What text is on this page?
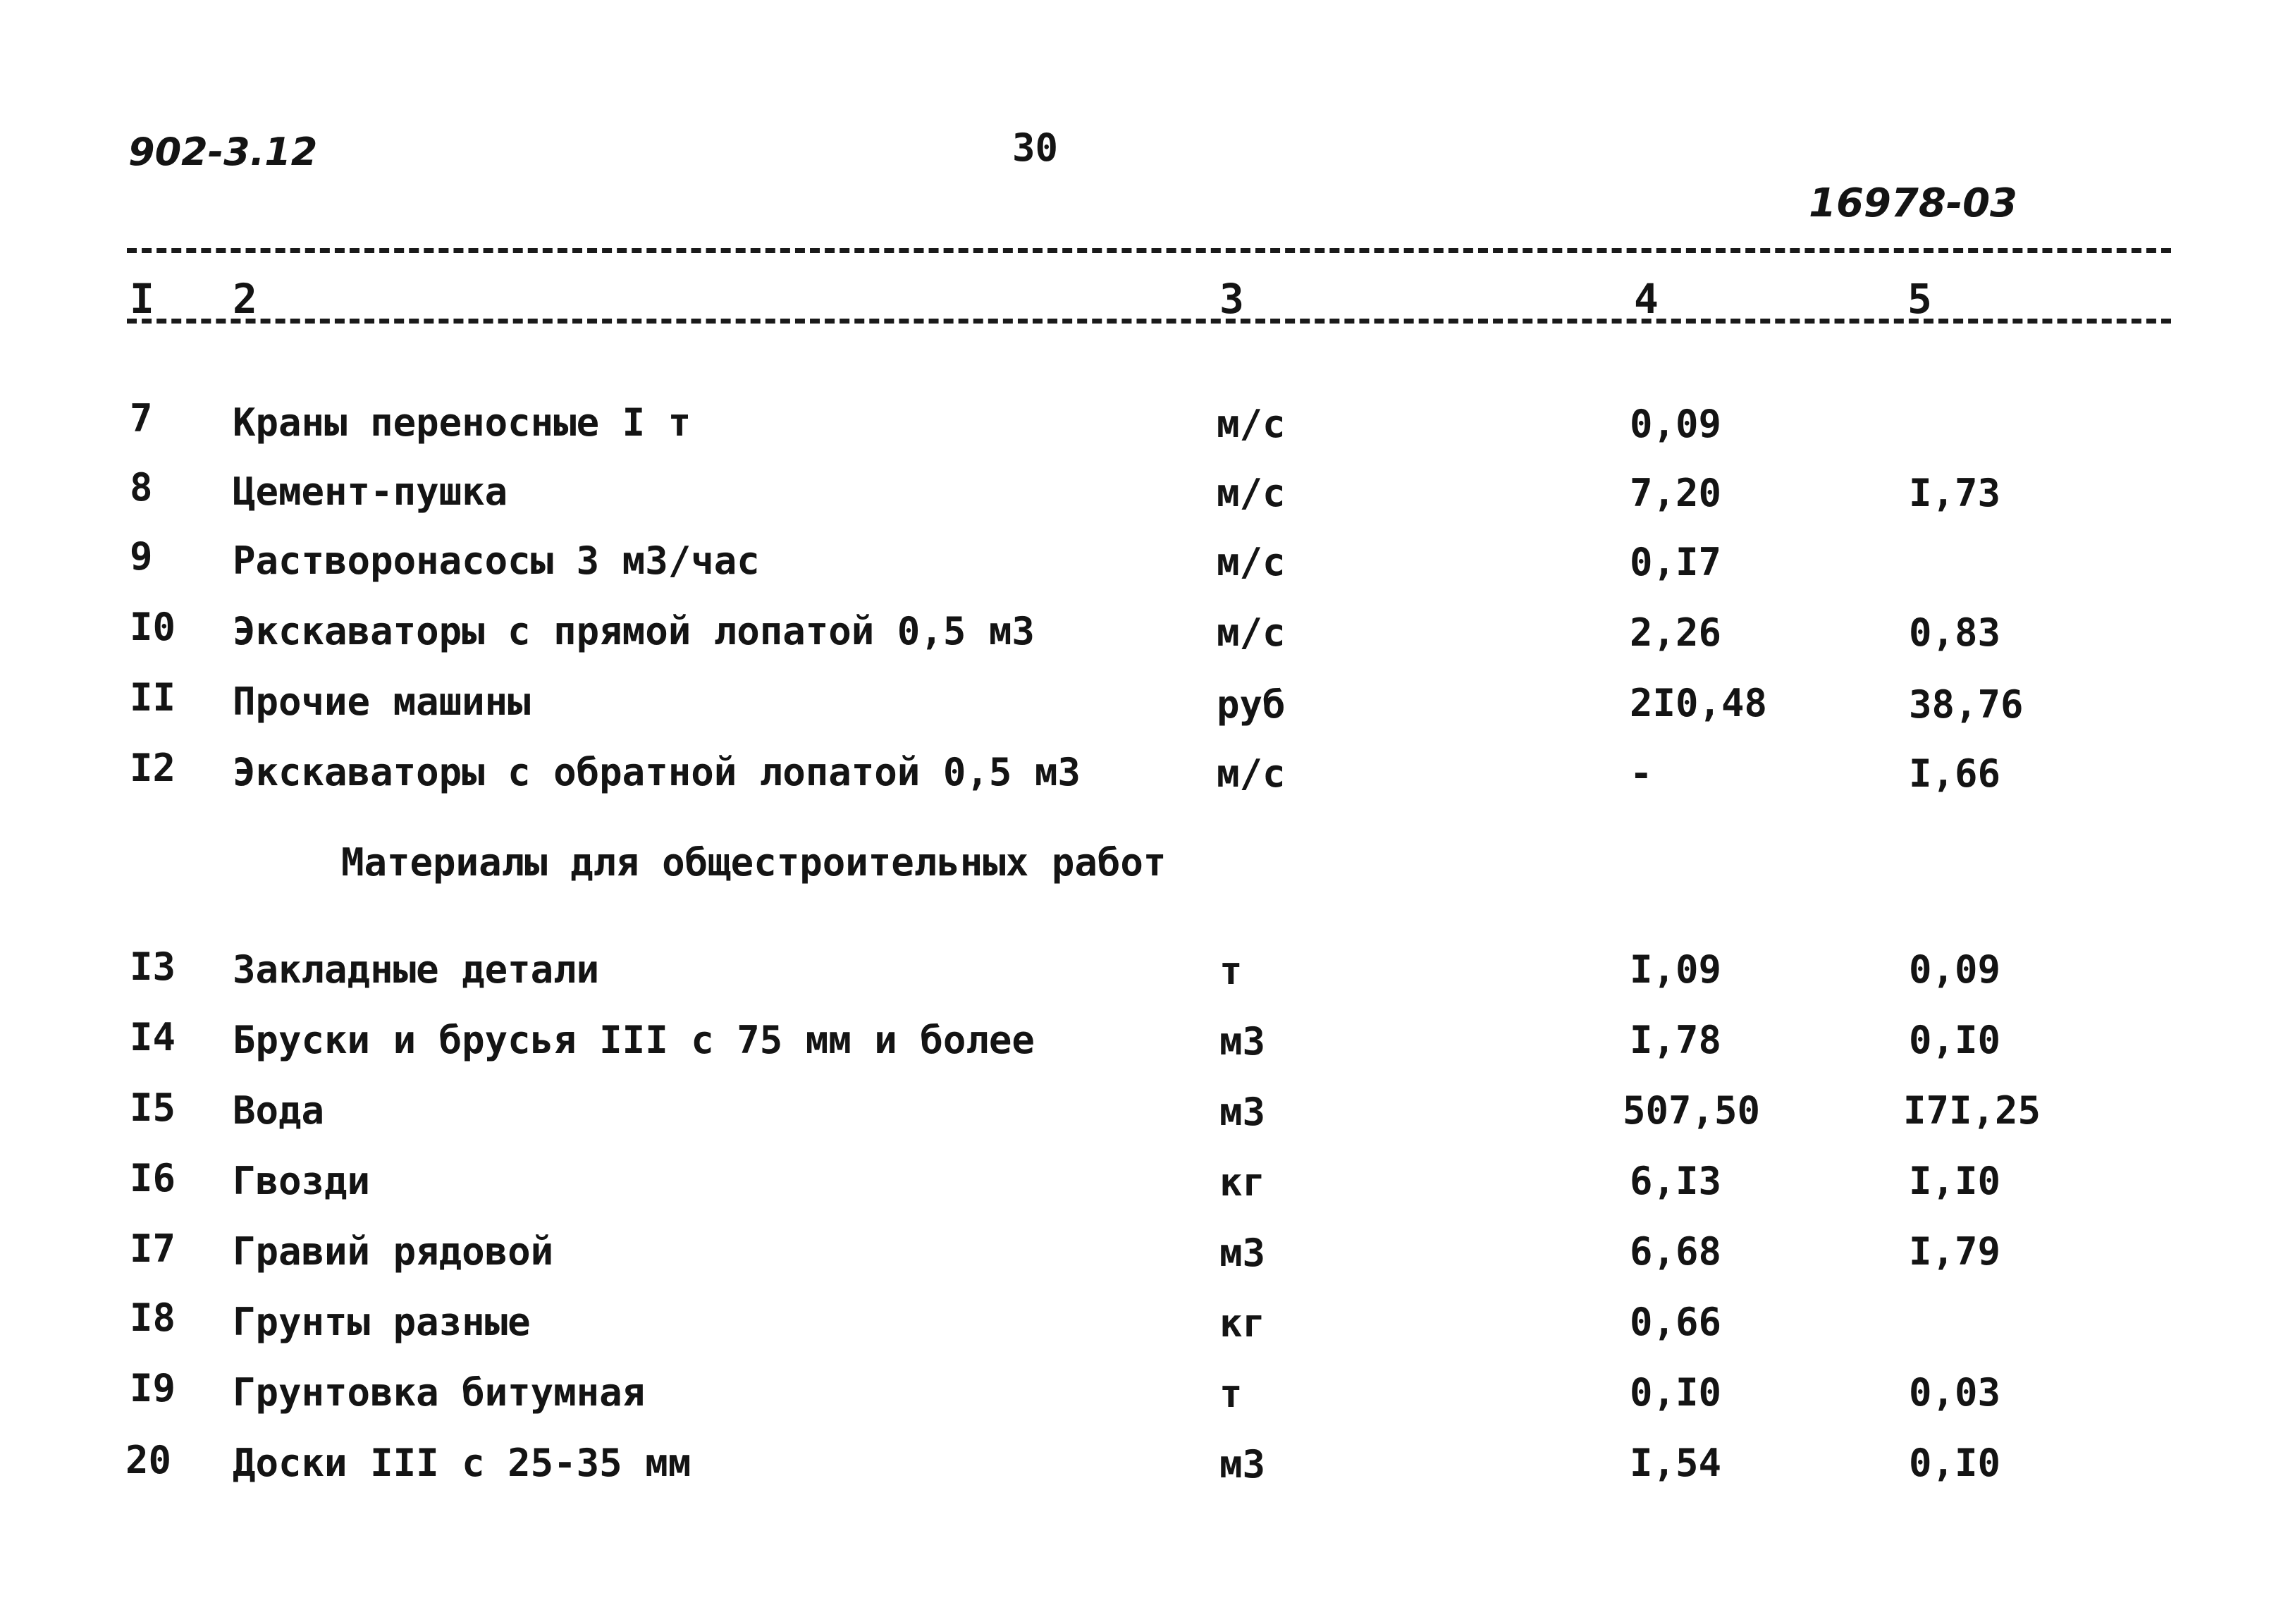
902-3.12	30
16978-03
I 2	3	4	5
7 Краны переносные I т	м/с	0,09
8 Цемент-пушка	м/с	7,20	I,73
9 Растворонасосы 3 м3/час	м/с	0,I7
I0 Экскаваторы с прямой лопатой 0,5 м3	м/с	2,26	0,83
II Прочие машины	руб	2I0,48	38,76
I2 Экскаваторы с обратной лопатой 0,5 м3	м/с	-	I,66
Материалы для общестроительных работ
I3 Закладные детали	т	I,09	0,09
I4 Бруски и брусья III с 75 мм и более	м3	I,78	0,I0
I5 Вода	м3	507,50	I7I,25
I6 Гвозди	кг	6,I3	I,I0
I7 Гравий рядовой	м3	6,68	I,79
I8 Грунты разные	кг	0,66
I9 Грунтовка битумная	т	0,I0	0,03
20 Доски III с 25-35 мм	м3	I,54	0,I0
